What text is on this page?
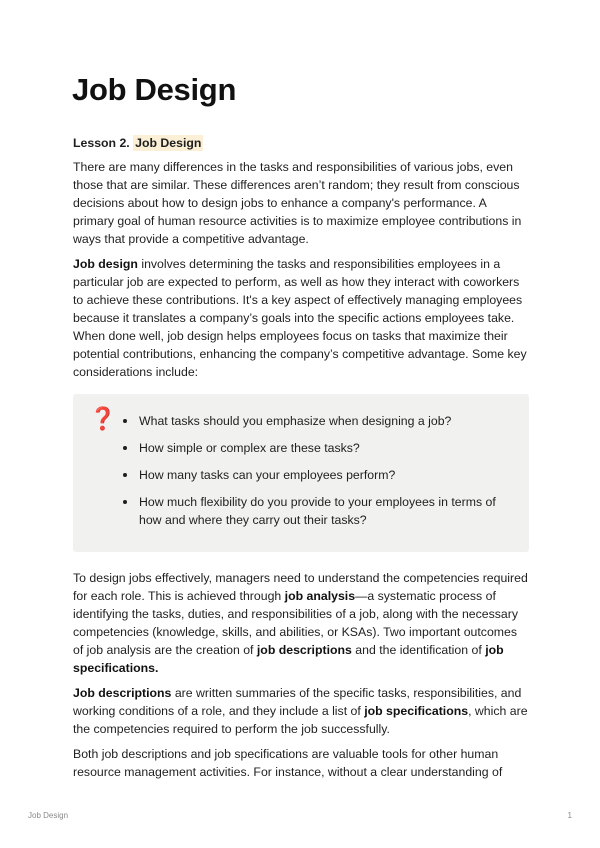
Job Design
Lesson 2. Job Design

There are many differences in the tasks and responsibilities of various jobs, even those that are similar. These differences aren’t random; they result from conscious decisions about how to design jobs to enhance a company's performance. A primary goal of human resource activities is to maximize employee contributions in ways that provide a competitive advantage.

Job design involves determining the tasks and responsibilities employees in a particular job are expected to perform, as well as how they interact with coworkers to achieve these contributions. It's a key aspect of effectively managing employees because it translates a company’s goals into the specific actions employees take. When done well, job design helps employees focus on tasks that maximize their potential contributions, enhancing the company’s competitive advantage. Some key considerations include:

❓	What tasks should you emphasize when designing a job?
How simple or complex are these tasks?
How many tasks can your employees perform?
How much flexibility do you provide to your employees in terms of how and where they carry out their tasks?

To design jobs effectively, managers need to understand the competencies required for each role. This is achieved through job analysis—a systematic process of identifying the tasks, duties, and responsibilities of a job, along with the necessary competencies (knowledge, skills, and abilities, or KSAs). Two important outcomes of job analysis are the creation of job descriptions and the identification of job specifications.

Job descriptions are written summaries of the specific tasks, responsibilities, and working conditions of a role, and they include a list of job specifications, which are the competencies required to perform the job successfully.

Both job descriptions and job specifications are valuable tools for other human resource management activities. For instance, without a clear understanding of

Job Design	1
